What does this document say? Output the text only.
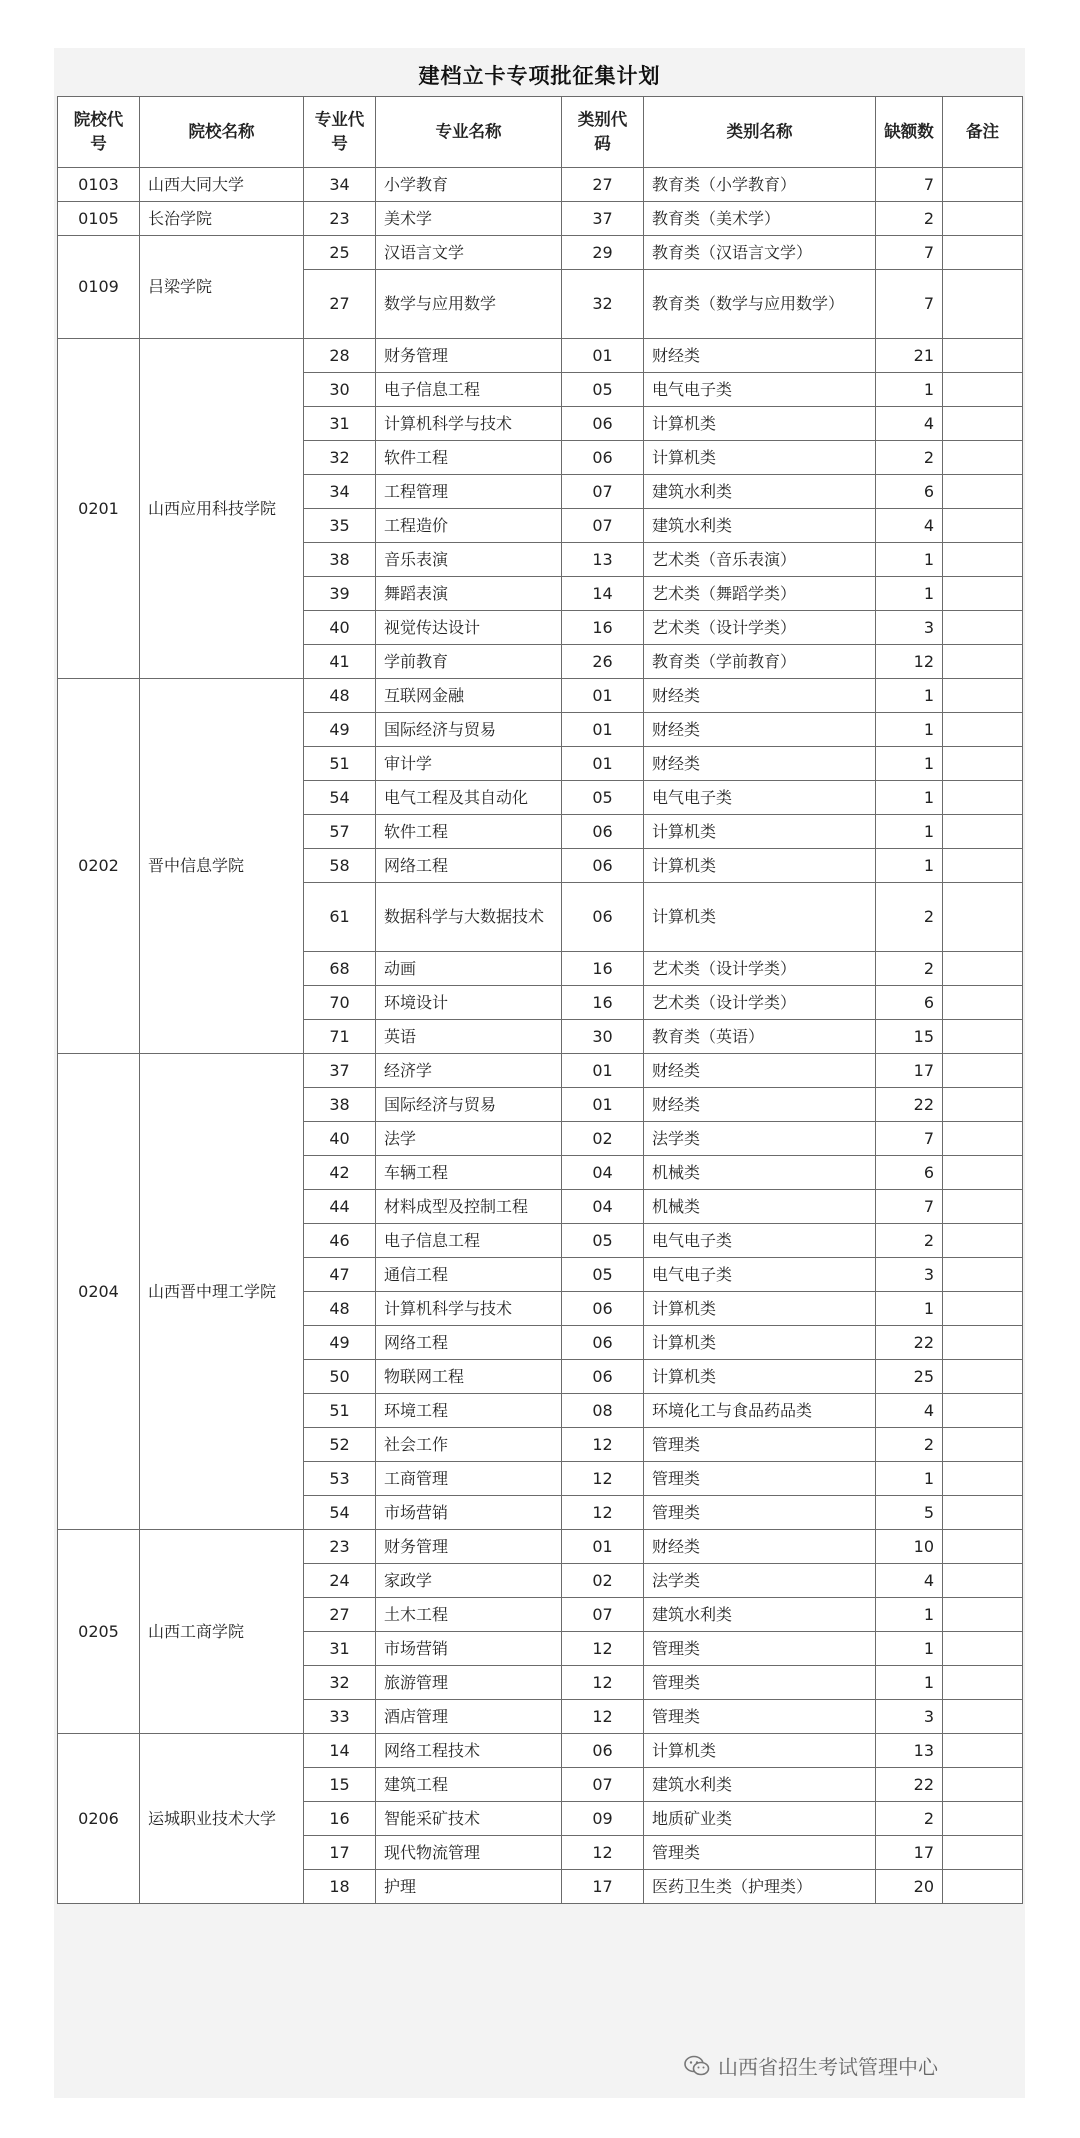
建档立卡专项批征集计划
院校代号	院校名称	专业代号	专业名称	类别代码	类别名称	缺额数	备注
0103	山西大同大学	34	小学教育	27	教育类（小学教育）	7	
0105	长治学院	23	美术学	37	教育类（美术学）	2	
0109	吕梁学院	25	汉语言文学	29	教育类（汉语言文学）	7	
		27	数学与应用数学	32	教育类（数学与应用数学）	7	
0201	山西应用科技学院	28	财务管理	01	财经类	21	
		30	电子信息工程	05	电气电子类	1	
		31	计算机科学与技术	06	计算机类	4	
		32	软件工程	06	计算机类	2	
		34	工程管理	07	建筑水利类	6	
		35	工程造价	07	建筑水利类	4	
		38	音乐表演	13	艺术类（音乐表演）	1	
		39	舞蹈表演	14	艺术类（舞蹈学类）	1	
		40	视觉传达设计	16	艺术类（设计学类）	3	
		41	学前教育	26	教育类（学前教育）	12	
0202	晋中信息学院	48	互联网金融	01	财经类	1	
		49	国际经济与贸易	01	财经类	1	
		51	审计学	01	财经类	1	
		54	电气工程及其自动化	05	电气电子类	1	
		57	软件工程	06	计算机类	1	
		58	网络工程	06	计算机类	1	
		61	数据科学与大数据技术	06	计算机类	2	
		68	动画	16	艺术类（设计学类）	2	
		70	环境设计	16	艺术类（设计学类）	6	
		71	英语	30	教育类（英语）	15	
0204	山西晋中理工学院	37	经济学	01	财经类	17	
		38	国际经济与贸易	01	财经类	22	
		40	法学	02	法学类	7	
		42	车辆工程	04	机械类	6	
		44	材料成型及控制工程	04	机械类	7	
		46	电子信息工程	05	电气电子类	2	
		47	通信工程	05	电气电子类	3	
		48	计算机科学与技术	06	计算机类	1	
		49	网络工程	06	计算机类	22	
		50	物联网工程	06	计算机类	25	
		51	环境工程	08	环境化工与食品药品类	4	
		52	社会工作	12	管理类	2	
		53	工商管理	12	管理类	1	
		54	市场营销	12	管理类	5	
0205	山西工商学院	23	财务管理	01	财经类	10	
		24	家政学	02	法学类	4	
		27	土木工程	07	建筑水利类	1	
		31	市场营销	12	管理类	1	
		32	旅游管理	12	管理类	1	
		33	酒店管理	12	管理类	3	
0206	运城职业技术大学	14	网络工程技术	06	计算机类	13	
		15	建筑工程	07	建筑水利类	22	
		16	智能采矿技术	09	地质矿业类	2	
		17	现代物流管理	12	管理类	17	
		18	护理	17	医药卫生类（护理类）	20	
山西省招生考试管理中心
